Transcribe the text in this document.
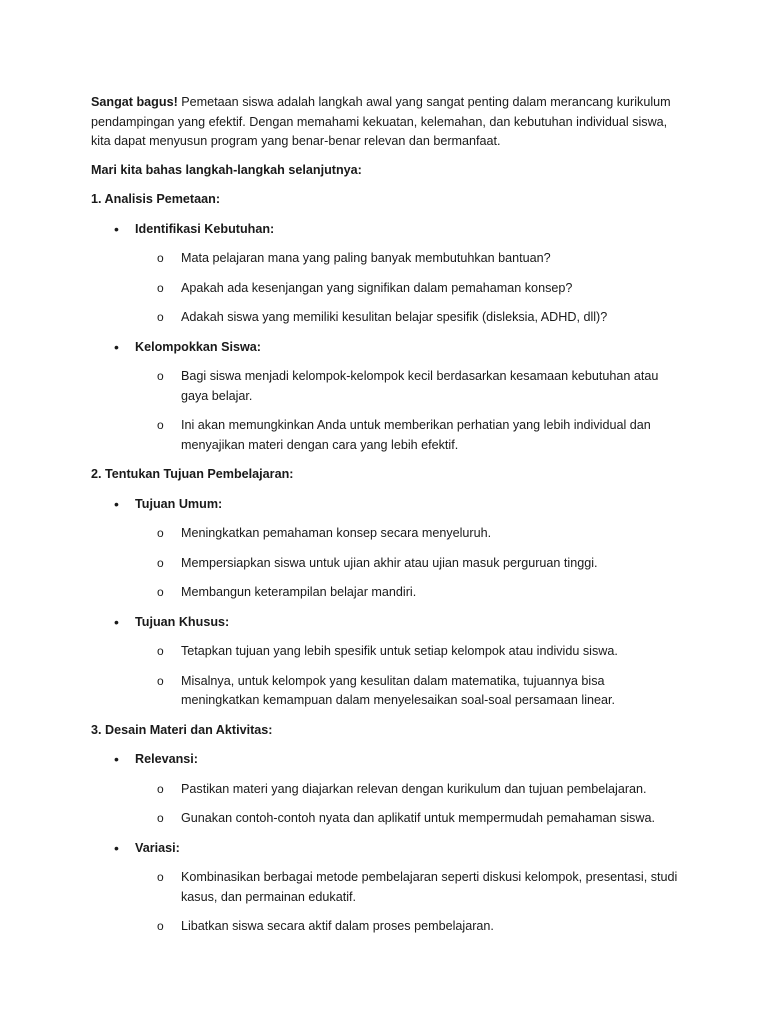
Sangat bagus! Pemetaan siswa adalah langkah awal yang sangat penting dalam merancang kurikulum pendampingan yang efektif. Dengan memahami kekuatan, kelemahan, dan kebutuhan individual siswa, kita dapat menyusun program yang benar-benar relevan dan bermanfaat.

Mari kita bahas langkah-langkah selanjutnya:

1. Analisis Pemetaan:

• Identifikasi Kebutuhan:

o Mata pelajaran mana yang paling banyak membutuhkan bantuan?
o Apakah ada kesenjangan yang signifikan dalam pemahaman konsep?
o Adakah siswa yang memiliki kesulitan belajar spesifik (disleksia, ADHD, dll)?

• Kelompokkan Siswa:

o Bagi siswa menjadi kelompok-kelompok kecil berdasarkan kesamaan kebutuhan atau gaya belajar.
o Ini akan memungkinkan Anda untuk memberikan perhatian yang lebih individual dan menyajikan materi dengan cara yang lebih efektif.

2. Tentukan Tujuan Pembelajaran:

• Tujuan Umum:

o Meningkatkan pemahaman konsep secara menyeluruh.
o Mempersiapkan siswa untuk ujian akhir atau ujian masuk perguruan tinggi.
o Membangun keterampilan belajar mandiri.

• Tujuan Khusus:

o Tetapkan tujuan yang lebih spesifik untuk setiap kelompok atau individu siswa.
o Misalnya, untuk kelompok yang kesulitan dalam matematika, tujuannya bisa meningkatkan kemampuan dalam menyelesaikan soal-soal persamaan linear.

3. Desain Materi dan Aktivitas:

• Relevansi:

o Pastikan materi yang diajarkan relevan dengan kurikulum dan tujuan pembelajaran.
o Gunakan contoh-contoh nyata dan aplikatif untuk mempermudah pemahaman siswa.

• Variasi:

o Kombinasikan berbagai metode pembelajaran seperti diskusi kelompok, presentasi, studi kasus, dan permainan edukatif.
o Libatkan siswa secara aktif dalam proses pembelajaran.
